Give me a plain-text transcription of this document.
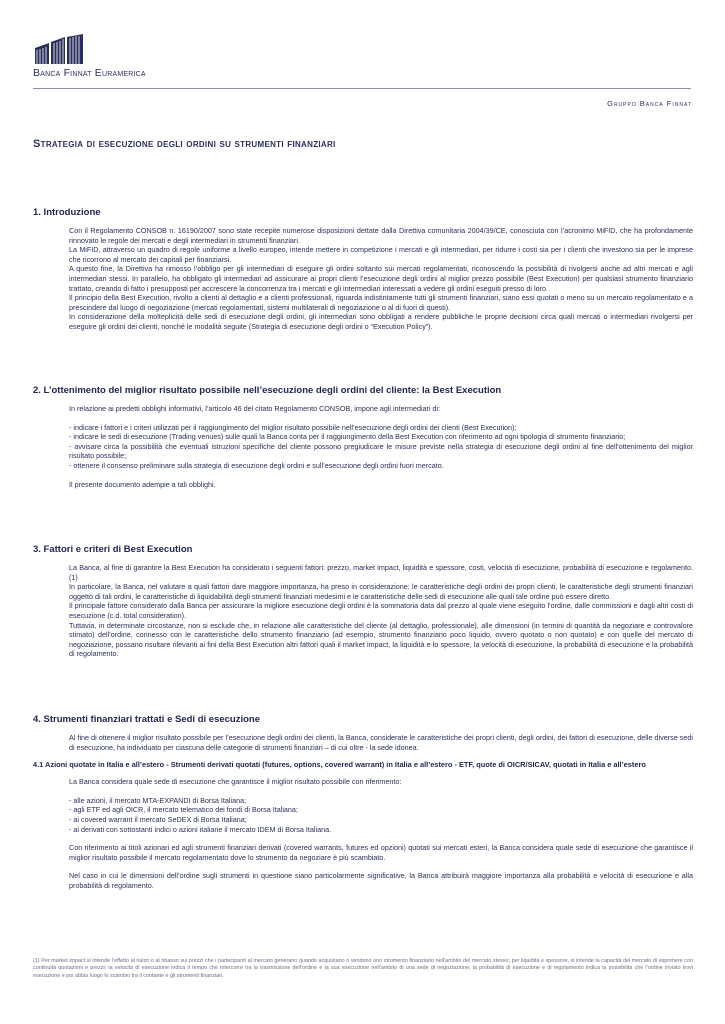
Banca Finnat Euramerica
Gruppo Banca Finnat
Strategia di esecuzione degli ordini su strumenti finanziari
1. Introduzione

Con il Regolamento CONSOB n. 16190/2007 sono state recepite numerose disposizioni dettate dalla Direttiva comunitaria 2004/39/CE, conosciuta con l’acronimo MiFID, che ha profondamente rinnovato le regole dei mercati e degli intermediari in strumenti finanziari.

La MiFID, attraverso un quadro di regole uniforme a livello europeo, intende mettere in competizione i mercati e gli intermediari, per ridurre i costi sia per i clienti che investono sia per le imprese che ricorrono al mercato dei capitali per finanziarsi.

A questo fine, la Direttiva ha rimosso l’obbligo per gli intermediari di eseguire gli ordini soltanto sui mercati regolamentati, riconoscendo la possibilità di rivolgersi anche ad altri mercati e agli intermediari stessi. In parallelo, ha obbligato gli intermediari ad assicurare ai propri clienti l’esecuzione degli ordini al miglior prezzo possibile (Best Execution) per qualsiasi strumento finanziario trattato, creando di fatto i presupposti per accrescere la concorrenza tra i mercati e gli intermediari interessati a vedere gli ordini eseguiti presso di loro.

Il principio della Best Execution, rivolto a clienti al dettaglio e a clienti professionali, riguarda indistintamente tutti gli strumenti finanziari, siano essi quotati o meno su un mercato regolamentato e a prescindere dal luogo di negoziazione (mercati regolamentati, sistemi multilaterali di negoziazione o al di fuori di questi).

In considerazione della molteplicità delle sedi di esecuzione degli ordini, gli intermediari sono obbligati a rendere pubbliche le proprie decisioni circa quali mercati o intermediari rivolgersi per eseguire gli ordini dei clienti, nonché le modalità seguite (Strategia di esecuzione degli ordini o “Execution Policy”).

2. L’ottenimento del miglior risultato possibile nell’esecuzione degli ordini del cliente: la Best Execution

In relazione ai predetti obblighi informativi, l’articolo 46 del citato Regolamento CONSOB, impone agli intermediari di:

- indicare i fattori e i criteri utilizzati per il raggiungimento del miglior risultato possibile nell’esecuzione degli ordini dei clienti (Best Execution);

- indicare le sedi di esecuzione (Trading venues) sulle quali la Banca conta per il raggiungimento della Best Execution con riferimento ad ogni tipologia di strumento finanziario;

- avvisare circa la possibilità che eventuali istruzioni specifiche del cliente possono pregiudicare le misure previste nella strategia di esecuzione degli ordini al fine dell’ottenimento del miglior risultato possibile;

- ottenere il consenso preliminare sulla strategia di esecuzione degli ordini e sull’esecuzione degli ordini fuori mercato.

Il presente documento adempie a tali obblighi.

3. Fattori e criteri di Best Execution

La Banca, al fine di garantire la Best Execution ha considerato i seguenti fattori: prezzo, market impact, liquidità e spessore, costi, velocità di esecuzione, probabilità di esecuzione e regolamento.(1)

In particolare, la Banca, nel valutare a quali fattori dare maggiore importanza, ha preso in considerazione: le caratteristiche degli ordini dei propri clienti, le caratteristiche degli strumenti finanziari oggetto di tali ordini, le caratteristiche di liquidabilità degli strumenti finanziari medesimi e le caratteristiche delle sedi di esecuzione alle quali tale ordine può essere diretto.

Il principale fattore considerato dalla Banca per assicurare la migliore esecuzione degli ordini è la sommatoria data dal prezzo al quale viene eseguito l’ordine, dalle commissioni e dagli altri costi di esecuzione (c.d. total consideration).

Tuttavia, in determinate circostanze, non si esclude che, in relazione alle caratteristiche del cliente (al dettaglio, professionale), alle dimensioni (in termini di quantità da negoziare e controvalore stimato) dell’ordine, connesso con le caratteristiche dello strumento finanziario (ad esempio, strumento finanziario poco liquido, ovvero quotato o non quotato) e con quelle del mercato di negoziazione, possano risultare rilevanti ai fini della Best Execution altri fattori quali il market impact, la liquidità e lo spessore, la velocità di esecuzione, la probabilità di esecuzione e la probabilità di regolamento.

4. Strumenti finanziari trattati e Sedi di esecuzione

Al fine di ottenere il miglior risultato possibile per l’esecuzione degli ordini dei clienti, la Banca, considerate le caratteristiche dei propri clienti, degli ordini, dei fattori di esecuzione, delle diverse sedi di esecuzione, ha individuato per ciascuna delle categorie di strumenti finanziari – di cui oltre - la sede idonea.

4.1 Azioni quotate in Italia e all’estero - Strumenti derivati quotati (futures, options, covered warrant) in Italia e all’estero - ETF, quote di OICR/SICAV, quotati in Italia e all’estero

La Banca considera quale sede di esecuzione che garantisce il miglior risultato possibile con riferimento:

- alle azioni, il mercato MTA-EXPANDI di Borsa Italiana;

- agli ETF ed agli OICR, il mercato telematico dei fondi di Borsa Italiana;

- ai covered warrant il mercato SeDEX di Borsa Italiana;

- ai derivati con sottostanti indici o azioni italiane il mercato IDEM di Borsa Italiana.

Con riferimento ai titoli azionari ed agli strumenti finanziari derivati (covered warrants, futures ed opzioni) quotati sui mercati esteri, la Banca considera quale sede di esecuzione che garantisce il miglior risultato possibile il mercato regolamentato dove lo strumento da negoziare è più scambiato.

Nel caso in cui le dimensioni dell’ordine sugli strumenti in questione siano particolarmente significative, la Banca attribuirà maggiore importanza alla probabilità e velocità di esecuzione e alla probabilità di regolamento.

(1) Per market impact si intende l’effetto al rialzo o al ribasso sui prezzi che i partecipanti al mercato generano quando acquistano o vendono uno strumento finanziario nell’ambito del mercato stesso; per liquidità e spessore, si intende la capacità del mercato di esprimere con continuità quotazioni e prezzi; la velocità di esecuzione indica il tempo che intercorre tra la trasmissione dell’ordine e la sua esecuzione nell’ambito di una sede di negoziazione; la probabilità di esecuzione e di regolamento indica la possibilità che l’ordine inviato trovi esecuzione e poi abbia luogo lo scambio tra il contante e gli strumenti finanziari.
